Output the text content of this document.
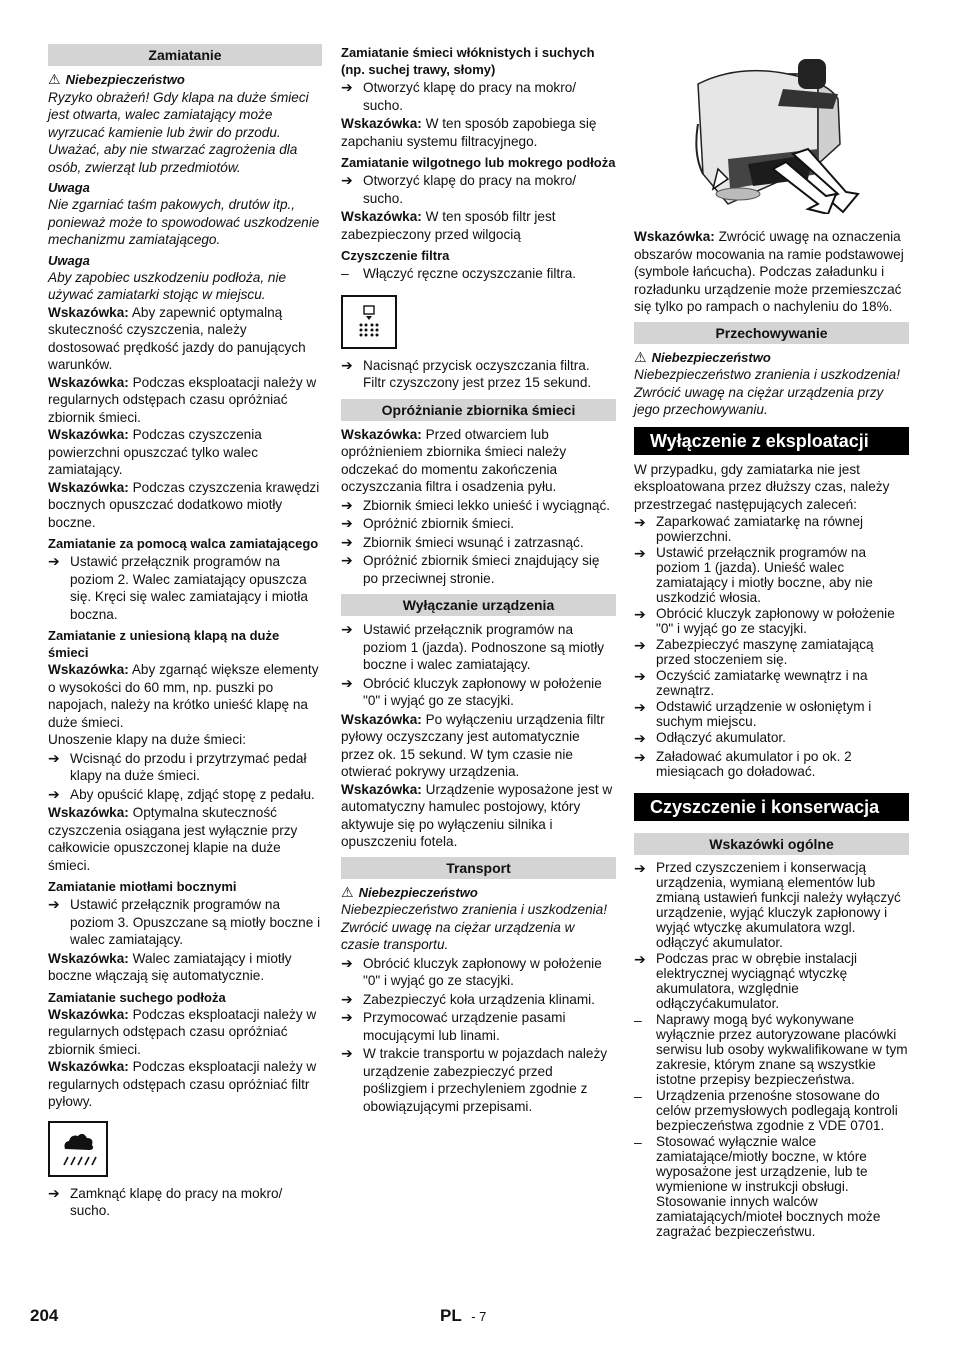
Zamiatanie
⚠ Niebezpieczeństwo

Ryzyko obrażeń! Gdy klapa na duże śmieci jest otwarta, walec zamiatający może wyrzucać kamienie lub żwir do przodu. Uważać, aby nie stwarzać zagrożenia dla osób, zwierząt lub przedmiotów.

Uwaga

Nie zgarniać taśm pakowych, drutów itp., ponieważ może to spowodować uszkodzenie mechanizmu zamiatającego.

Uwaga

Aby zapobiec uszkodzeniu podłoża, nie używać zamiatarki stojąc w miejscu.

Wskazówka: Aby zapewnić optymalną skuteczność czyszczenia, należy dostosować prędkość jazdy do panujących warunków.

Wskazówka: Podczas eksploatacji należy w regularnych odstępach czasu opróżniać zbiornik śmieci.

Wskazówka: Podczas czyszczenia powierzchni opuszczać tylko walec zamiatający.

Wskazówka: Podczas czyszczenia krawędzi bocznych opuszczać dodatkowo miotły boczne.

Zamiatanie za pomocą walca zamiatającego

➔ Ustawić przełącznik programów na poziom 2. Walec zamiatający opuszcza się. Kręci się walec zamiatający i miotła boczna.

Zamiatanie z uniesioną klapą na duże śmieci

Wskazówka: Aby zgarnąć większe elementy o wysokości do 60 mm, np. puszki po napojach, należy na krótko unieść klapę na duże śmieci.

Unoszenie klapy na duże śmieci:

➔ Wcisnąć do przodu i przytrzymać pedał klapy na duże śmieci.
➔ Aby opuścić klapę, zdjąć stopę z pedału.

Wskazówka: Optymalna skuteczność czyszczenia osiągana jest wyłącznie przy całkowicie opuszczonej klapie na duże śmieci.

Zamiatanie miotłami bocznymi

➔ Ustawić przełącznik programów na poziom 3. Opuszczane są miotły boczne i walec zamiatający.

Wskazówka: Walec zamiatający i miotły boczne włączają się automatycznie.

Zamiatanie suchego podłoża

Wskazówka: Podczas eksploatacji należy w regularnych odstępach czasu opróżniać zbiornik śmieci.

Wskazówka: Podczas eksploatacji należy w regularnych odstępach czasu opróżniać filtr pyłowy.

➔ Zamknąć klapę do pracy na mokro/ sucho.

Zamiatanie śmieci włóknistych i suchych (np. suchej trawy, słomy)

➔ Otworzyć klapę do pracy na mokro/ sucho.

Wskazówka: W ten sposób zapobiega się zapchaniu systemu filtracyjnego.

Zamiatanie wilgotnego lub mokrego podłoża

➔ Otworzyć klapę do pracy na mokro/ sucho.

Wskazówka: W ten sposób filtr jest zabezpieczony przed wilgocią

Czyszczenie filtra

–	Włączyć ręczne oczyszczanie filtra.
➔ Nacisnąć przycisk oczyszczania filtra. Filtr czyszczony jest przez 15 sekund.
Opróżnianie zbiornika śmieci

Wskazówka: Przed otwarciem lub opróżnieniem zbiornika śmieci należy odczekać do momentu zakończenia oczyszczania filtra i osadzenia pyłu.

➔ Zbiornik śmieci lekko unieść i wyciągnąć.
➔ Opróżnić zbiornik śmieci.
➔ Zbiornik śmieci wsunąć i zatrzasnąć.
➔ Opróżnić zbiornik śmieci znajdujący się po przeciwnej stronie.
Wyłączanie urządzenia
➔ Ustawić przełącznik programów na poziom 1 (jazda). Podnoszone są miotły boczne i walec zamiatający.
➔ Obrócić kluczyk zapłonowy w położenie "0" i wyjąć go ze stacyjki.

Wskazówka: Po wyłączeniu urządzenia filtr pyłowy oczyszczany jest automatycznie przez ok. 15 sekund. W tym czasie nie otwierać pokrywy urządzenia.

Wskazówka: Urządzenie wyposażone jest w automatyczny hamulec postojowy, który aktywuje się po wyłączeniu silnika i opuszczeniu fotela.

Transport
⚠ Niebezpieczeństwo

Niebezpieczeństwo zranienia i uszkodzenia! Zwrócić uwagę na ciężar urządzenia w czasie transportu.

➔ Obrócić kluczyk zapłonowy w położenie "0" i wyjąć go ze stacyjki.
➔ Zabezpieczyć koła urządzenia klinami.
➔ Przymocować urządzenie pasami mocującymi lub linami.
➔ W trakcie transportu w pojazdach należy urządzenie zabezpieczyć przed poślizgiem i przechyleniem zgodnie z obowiązującymi przepisami.

Wskazówka: Zwrócić uwagę na oznaczenia obszarów mocowania na ramie podstawowej (symbole łańcucha). Podczas załadunku i rozładunku urządzenie może przemieszczać się tylko po rampach o nachyleniu do 18%.

Przechowywanie
⚠ Niebezpieczeństwo

Niebezpieczeństwo zranienia i uszkodzenia! Zwrócić uwagę na ciężar urządzenia przy jego przechowywaniu.

Wyłączenie z eksploatacji

W przypadku, gdy zamiatarka nie jest eksploatowana przez dłuższy czas, należy przestrzegać następujących zaleceń:

➔ Zaparkować zamiatarkę na równej powierzchni.
➔ Ustawić przełącznik programów na poziom 1 (jazda). Unieść walec zamiatający i miotły boczne, aby nie uszkodzić włosia.
➔ Obrócić kluczyk zapłonowy w położenie "0" i wyjąć go ze stacyjki.
➔ Zabezpieczyć maszynę zamiatającą przed stoczeniem się.
➔ Oczyścić zamiatarkę wewnątrz i na zewnątrz.
➔ Odstawić urządzenie w osłoniętym i suchym miejscu.
➔ Odłączyć akumulator.
➔ Załadować akumulator i po ok. 2 miesiącach go doładować.
Czyszczenie i konserwacja
Wskazówki ogólne
➔ Przed czyszczeniem i konserwacją urządzenia, wymianą elementów lub zmianą ustawień funkcji należy wyłączyć urządzenie, wyjąć kluczyk zapłonowy i wyjąć wtyczkę akumulatora wzgl. odłączyć akumulator.
➔ Podczas prac w obrębie instalacji elektrycznej wyciągnąć wtyczkę akumulatora, względnie odłączyćakumulator.
–	Naprawy mogą być wykonywane wyłącznie przez autoryzowane placówki serwisu lub osoby wykwalifikowane w tym zakresie, którym znane są wszystkie istotne przepisy bezpieczeństwa.
–	Urządzenia przenośne stosowane do celów przemysłowych podlegają kontroli bezpieczeństwa zgodnie z VDE 0701.
–	Stosować wyłącznie walce zamiatające/miotły boczne, w które wyposażone jest urządzenie, lub te wymienione w instrukcji obsługi. Stosowanie innych walców zamiatających/mioteł bocznych może zagrażać bezpieczeństwu.
204	PL - 7
